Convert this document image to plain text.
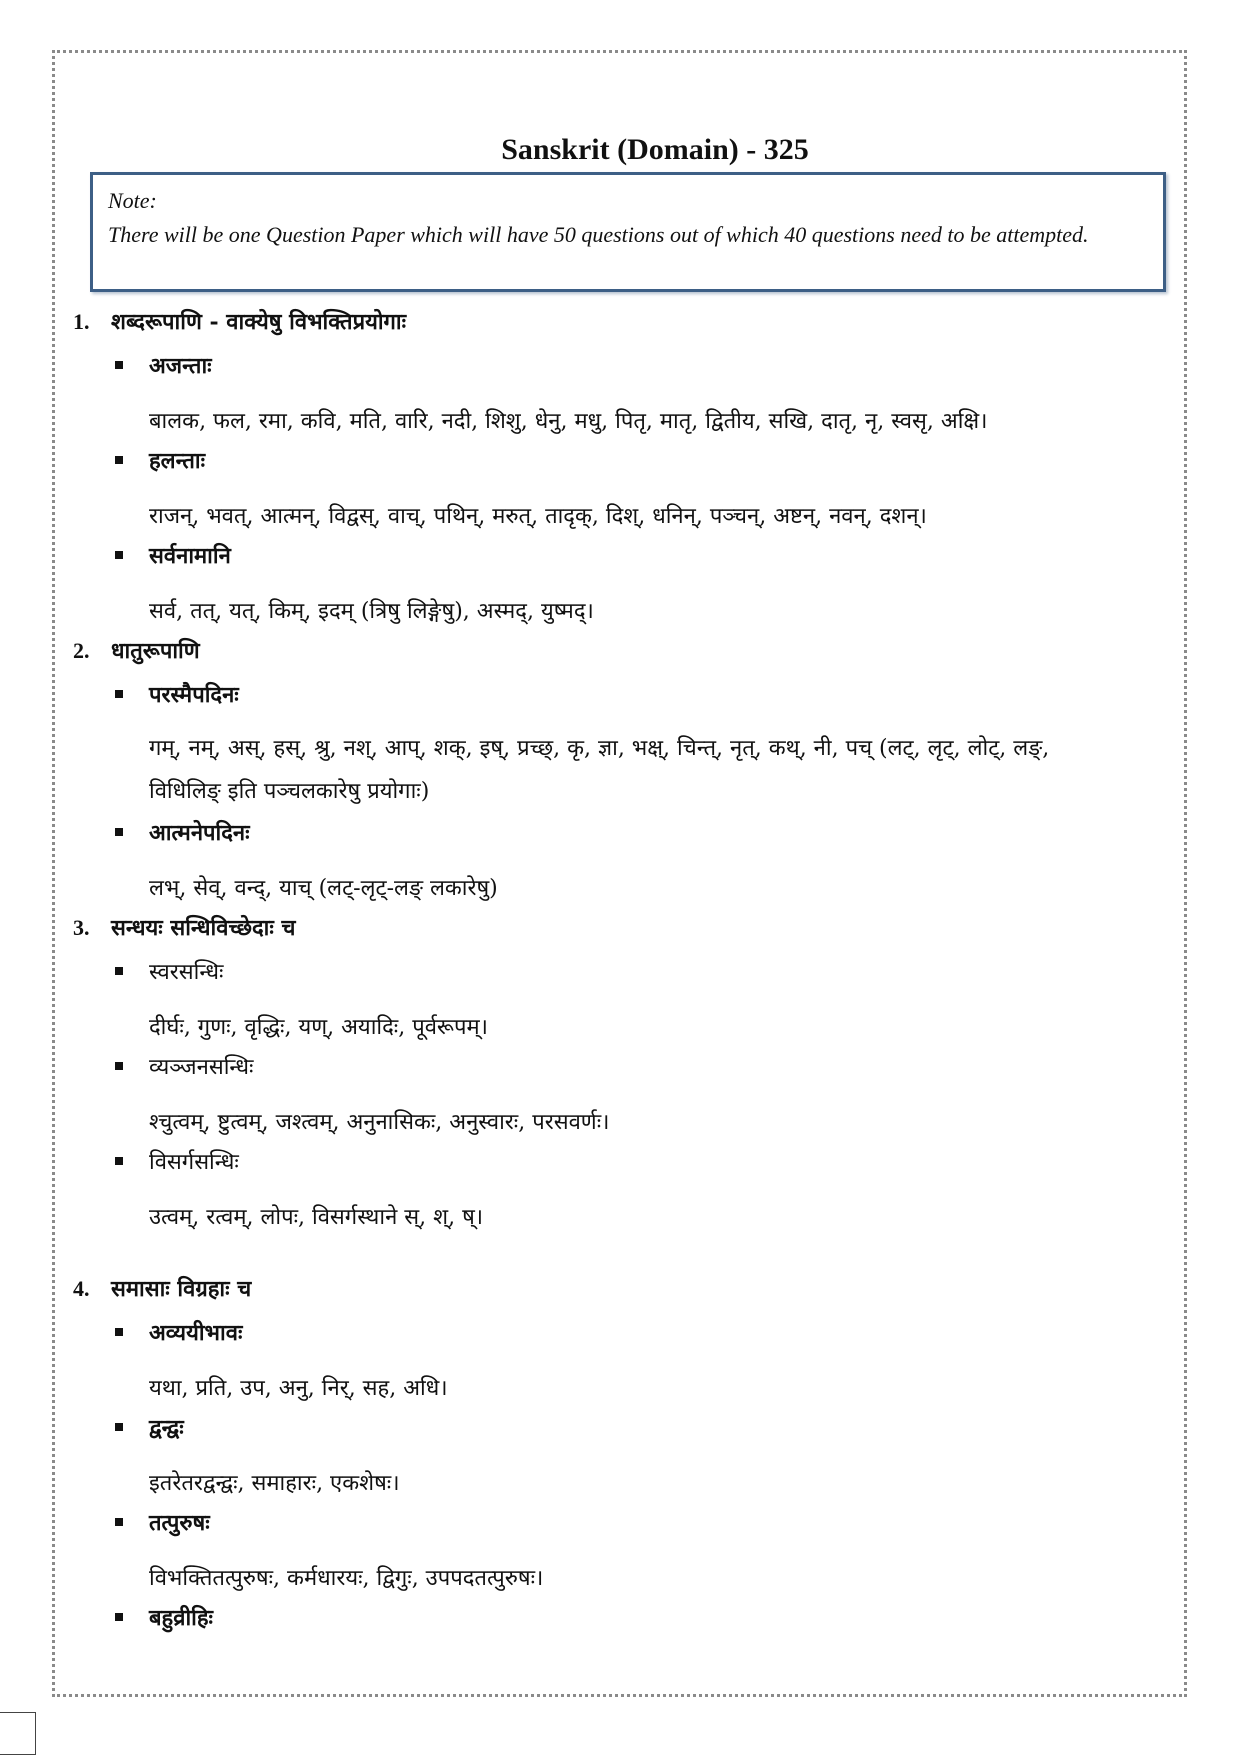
Sanskrit (Domain) - 325

Note:

There will be one Question Paper which will have 50 questions out of which 40 questions need to be attempted.

1. शब्दरूपाणि - वाक्येषु विभक्तिप्रयोगाः
अजन्ताः
बालक, फल, रमा, कवि, मति, वारि, नदी, शिशु, धेनु, मधु, पितृ, मातृ, द्वितीय, सखि, दातृ, नृ, स्वसृ, अक्षि।
हलन्ताः
राजन्, भवत्, आत्मन्, विद्वस्, वाच्, पथिन्, मरुत्, तादृक्, दिश्, धनिन्, पञ्चन्, अष्टन्, नवन्, दशन्।
सर्वनामानि
सर्व, तत्, यत्, किम्, इदम् (त्रिषु लिङ्गेषु), अस्मद्, युष्मद्।
2. धातुरूपाणि
परस्मैपदिनः
गम्, नम्, अस्, हस्, श्रु, नश्, आप्, शक्, इष्, प्रच्छ्, कृ, ज्ञा, भक्ष्, चिन्त्, नृत्, कथ्, नी, पच् (लट्, लृट्, लोट्, लङ्, विधिलिङ् इति पञ्चलकारेषु प्रयोगाः)
आत्मनेपदिनः
लभ्, सेव्, वन्द्, याच् (लट्-लृट्-लङ् लकारेषु)
3. सन्धयः सन्धिविच्छेदाः च
स्वरसन्धिः
दीर्घः, गुणः, वृद्धिः, यण्, अयादिः, पूर्वरूपम्।
व्यञ्जनसन्धिः
श्चुत्वम्, ष्टुत्वम्, जश्त्वम्, अनुनासिकः, अनुस्वारः, परसवर्णः।
विसर्गसन्धिः
उत्वम्, रत्वम्, लोपः, विसर्गस्थाने स्, श्, ष्।
4. समासाः विग्रहाः च
अव्ययीभावः
यथा, प्रति, उप, अनु, निर्, सह, अधि।
द्वन्द्वः
इतरेतरद्वन्द्वः, समाहारः, एकशेषः।
तत्पुरुषः
विभक्तितत्पुरुषः, कर्मधारयः, द्विगुः, उपपदतत्पुरुषः।
बहुव्रीहिः
